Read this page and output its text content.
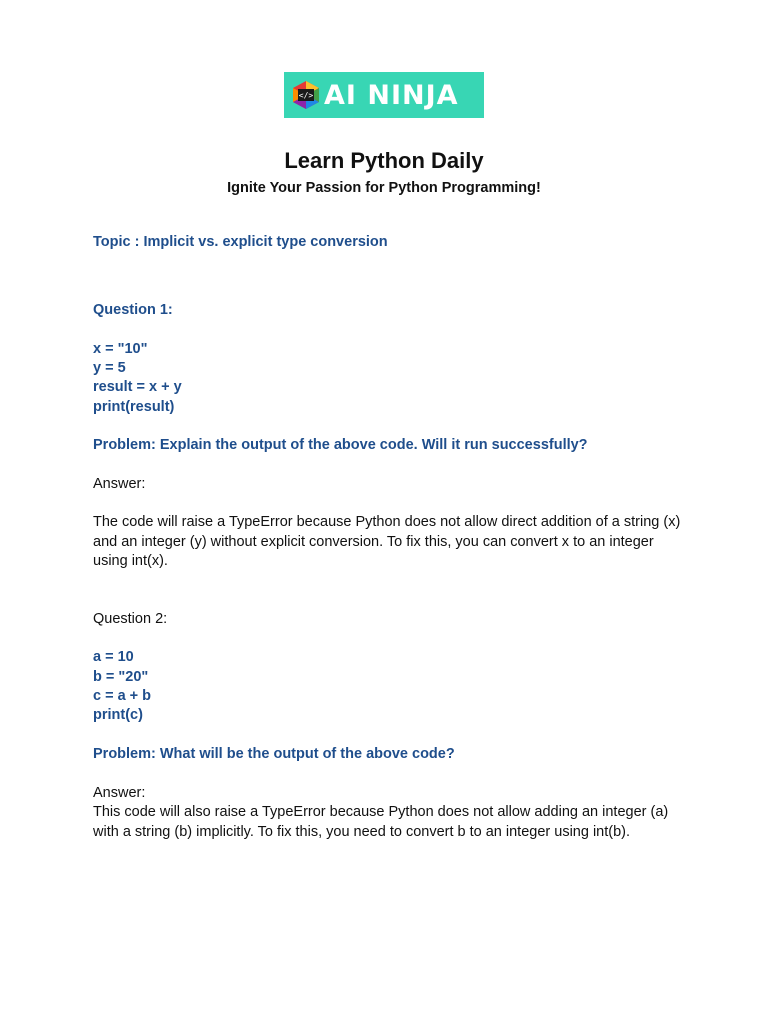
</> AI NINJA
Learn Python Daily
Ignite Your Passion for Python Programming!
Topic : Implicit vs. explicit type conversion
Question 1:
x = "10"
y = 5
result = x + y
print(result)
Problem: Explain the output of the above code. Will it run successfully?
Answer:
The code will raise a TypeError because Python does not allow direct addition of a string (x) and an integer (y) without explicit conversion. To fix this, you can convert x to an integer using int(x).
Question 2:
a = 10
b = "20"
c = a + b
print(c)
Problem: What will be the output of the above code?
Answer:
This code will also raise a TypeError because Python does not allow adding an integer (a) with a string (b) implicitly. To fix this, you need to convert b to an integer using int(b).
